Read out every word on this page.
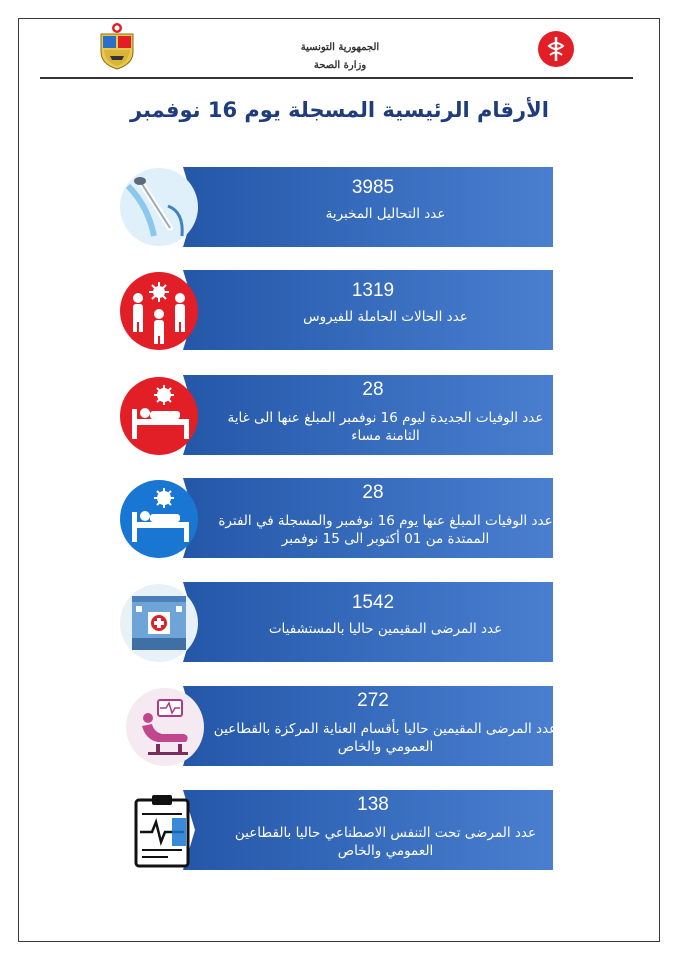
الجمهورية التونسية
وزارة الصحة
الأرقام الرئيسية المسجلة يوم 16 نوفمبر
3985
عدد التحاليل المخبرية
1319
عدد الحالات الحاملة للفيروس
28
عدد الوفيات الجديدة ليوم 16 نوفمبر المبلغ عنها الى غاية الثامنة مساء
28
عدد الوفيات المبلغ عنها يوم 16 نوفمبر والمسجلة في الفترة الممتدة من 01 أكتوبر الى 15 نوفمبر
1542
عدد المرضى المقيمين حاليا بالمستشفيات
272
عدد المرضى المقيمين حاليا بأقسام العناية المركزة بالقطاعين العمومي والخاص
138
عدد المرضى تحت التنفس الاصطناعي حاليا بالقطاعين العمومي والخاص
